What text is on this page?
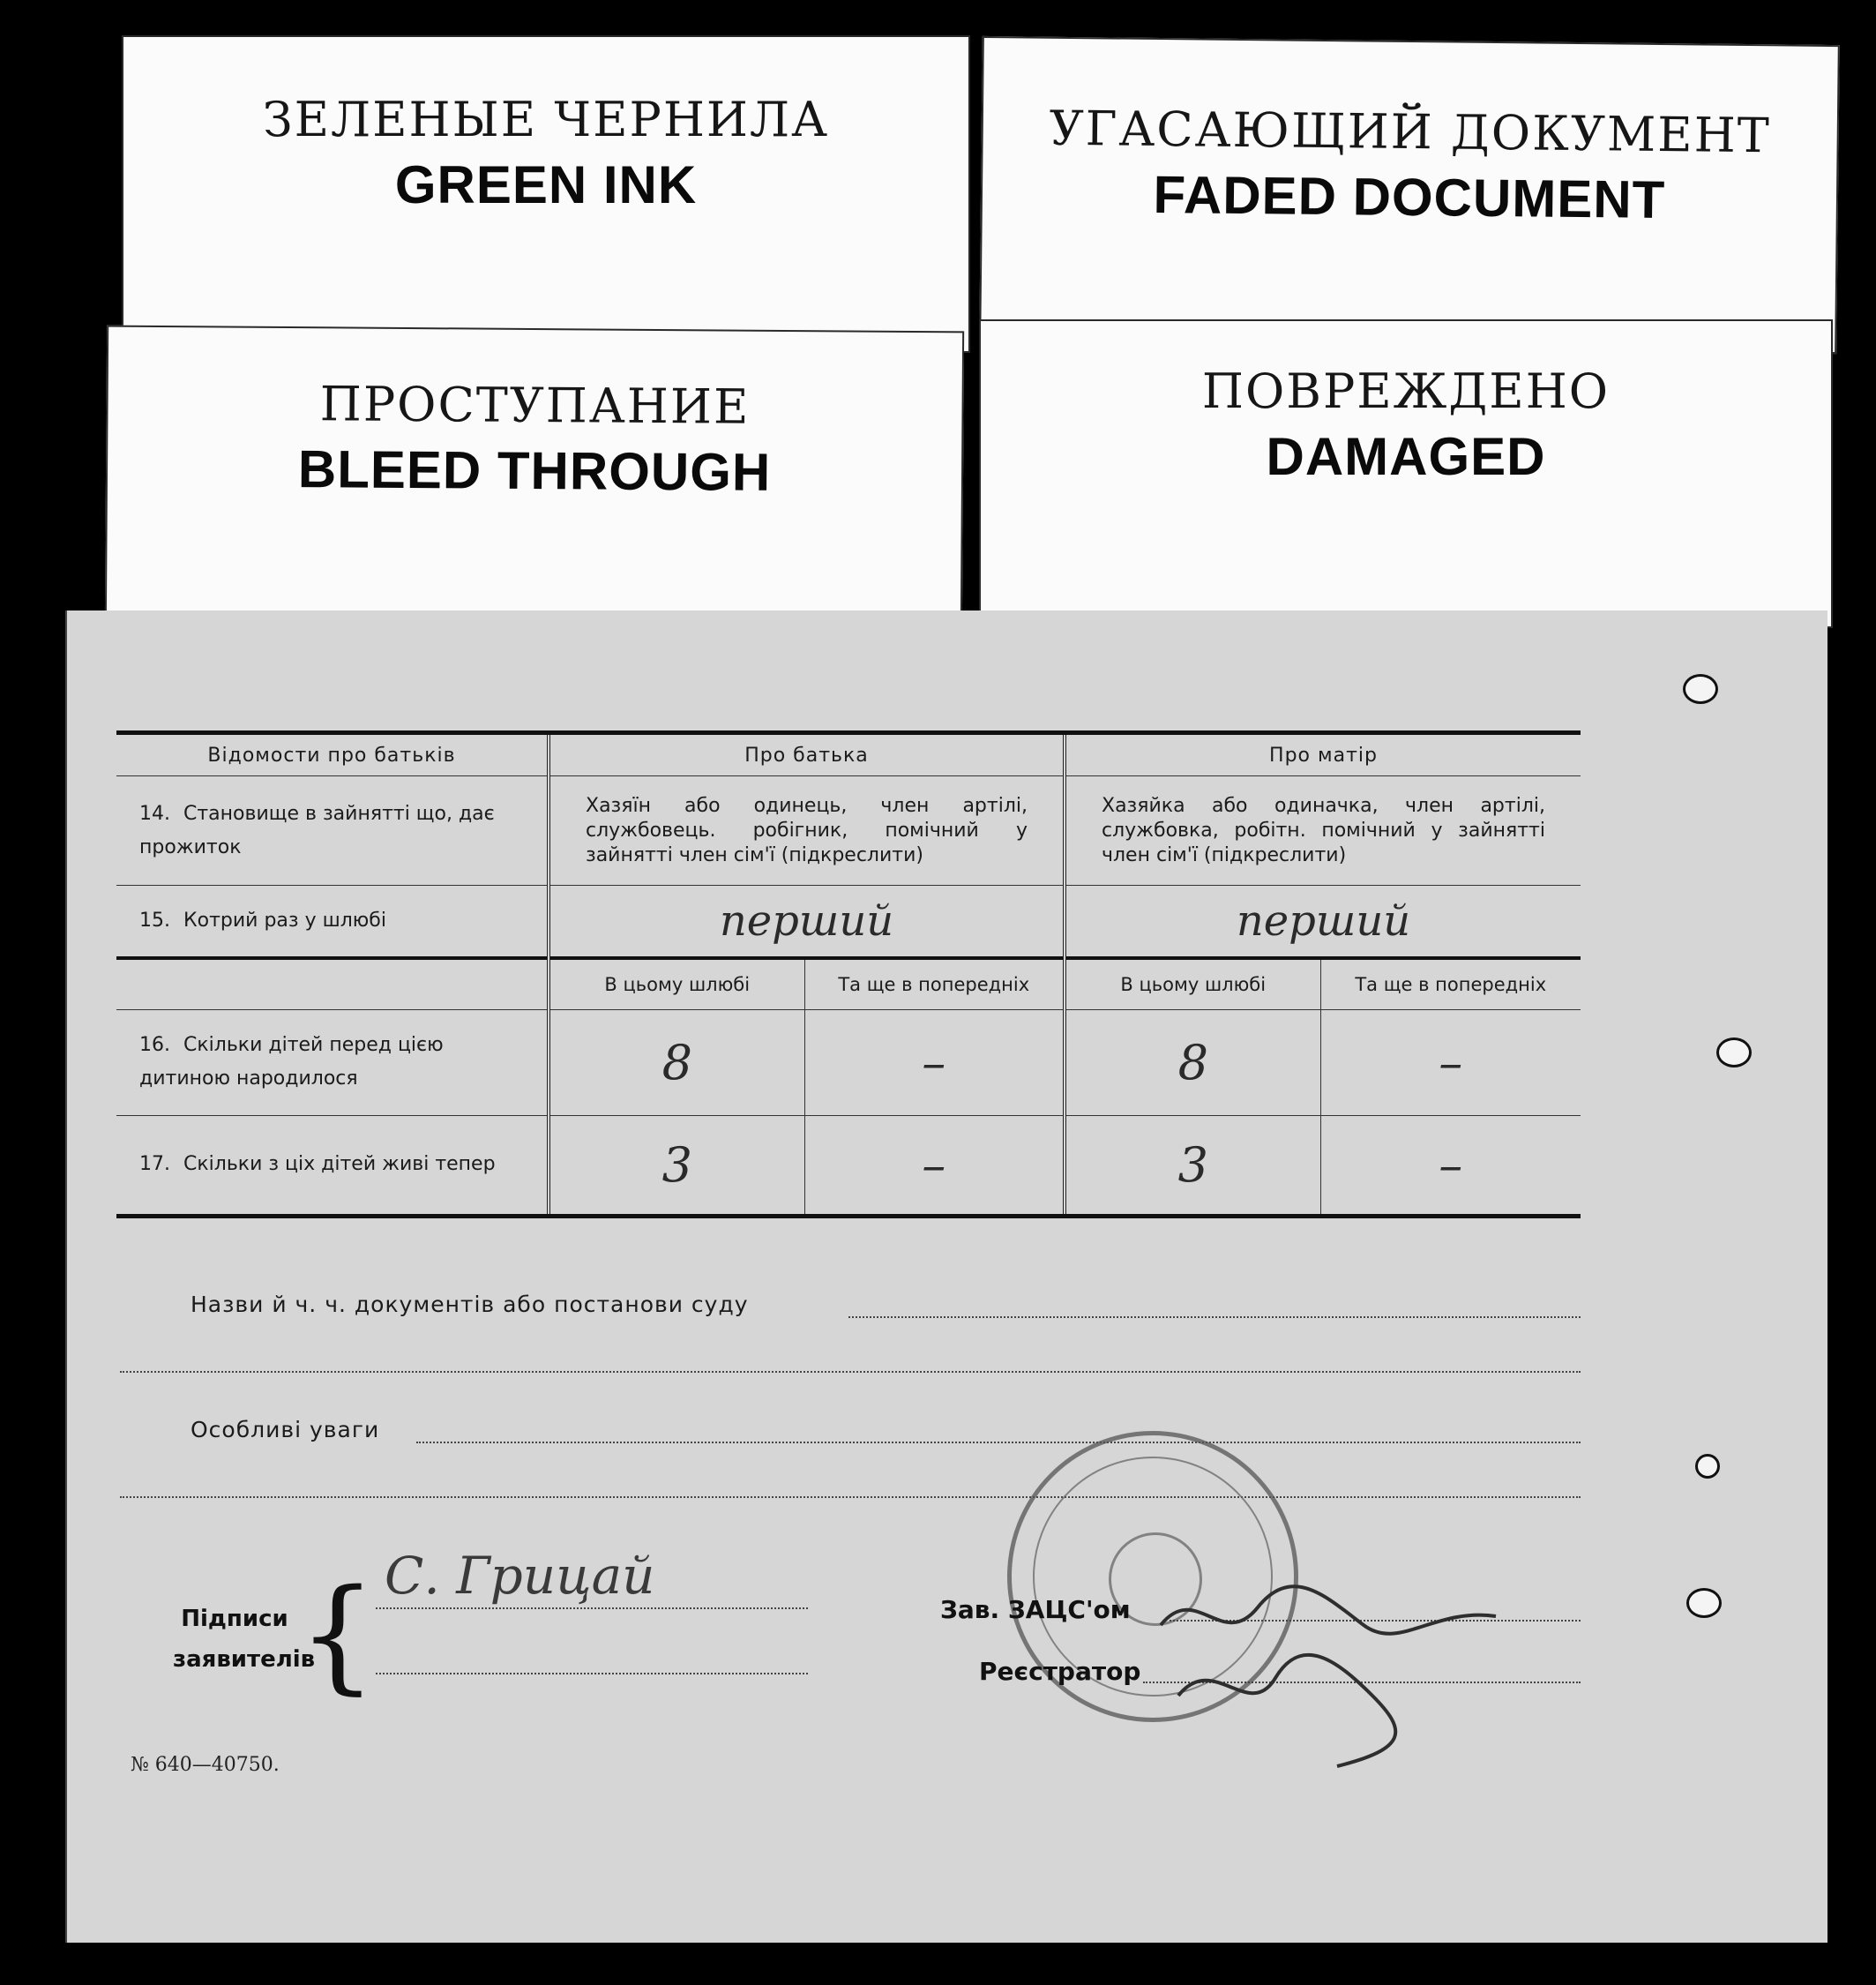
ЗЕЛЕНЫЕ ЧЕРНИЛА
GREEN INK
УГАСАЮЩИЙ ДОКУМЕНТ
FADED DOCUMENT
ПРОСТУПАНИЕ
BLEED THROUGH
ПОВРЕЖДЕНО
DAMAGED
Відомости про батьків	Про батька		Про матір	
14. Становище в зайнятті що, дає прожиток	Хазяїн або одинець, член артілі, службовець. робігник, помічний у зайнятті член сім'ї (підкреслити)		Хазяйка або одиначка, член артілі, службовка, робітн. помічний у зайнятті член сім'ї (підкреслити)	
15. Котрий раз у шлюбі	перший		перший	
	В цьому шлюбі	Та ще в попередніх	В цьому шлюбі	Та ще в попередніх
16. Скільки дітей перед цією дитиною народилося	8	–	8	–
17. Скільки з ціх дітей живі тепер	3	–	3	–
Назви й ч. ч. документів або постанови суду
Особливі уваги
Підписи заявителів
{ С. Грицай
Зав. ЗАЦС'ом
Реєстратор
№ 640—40750.
